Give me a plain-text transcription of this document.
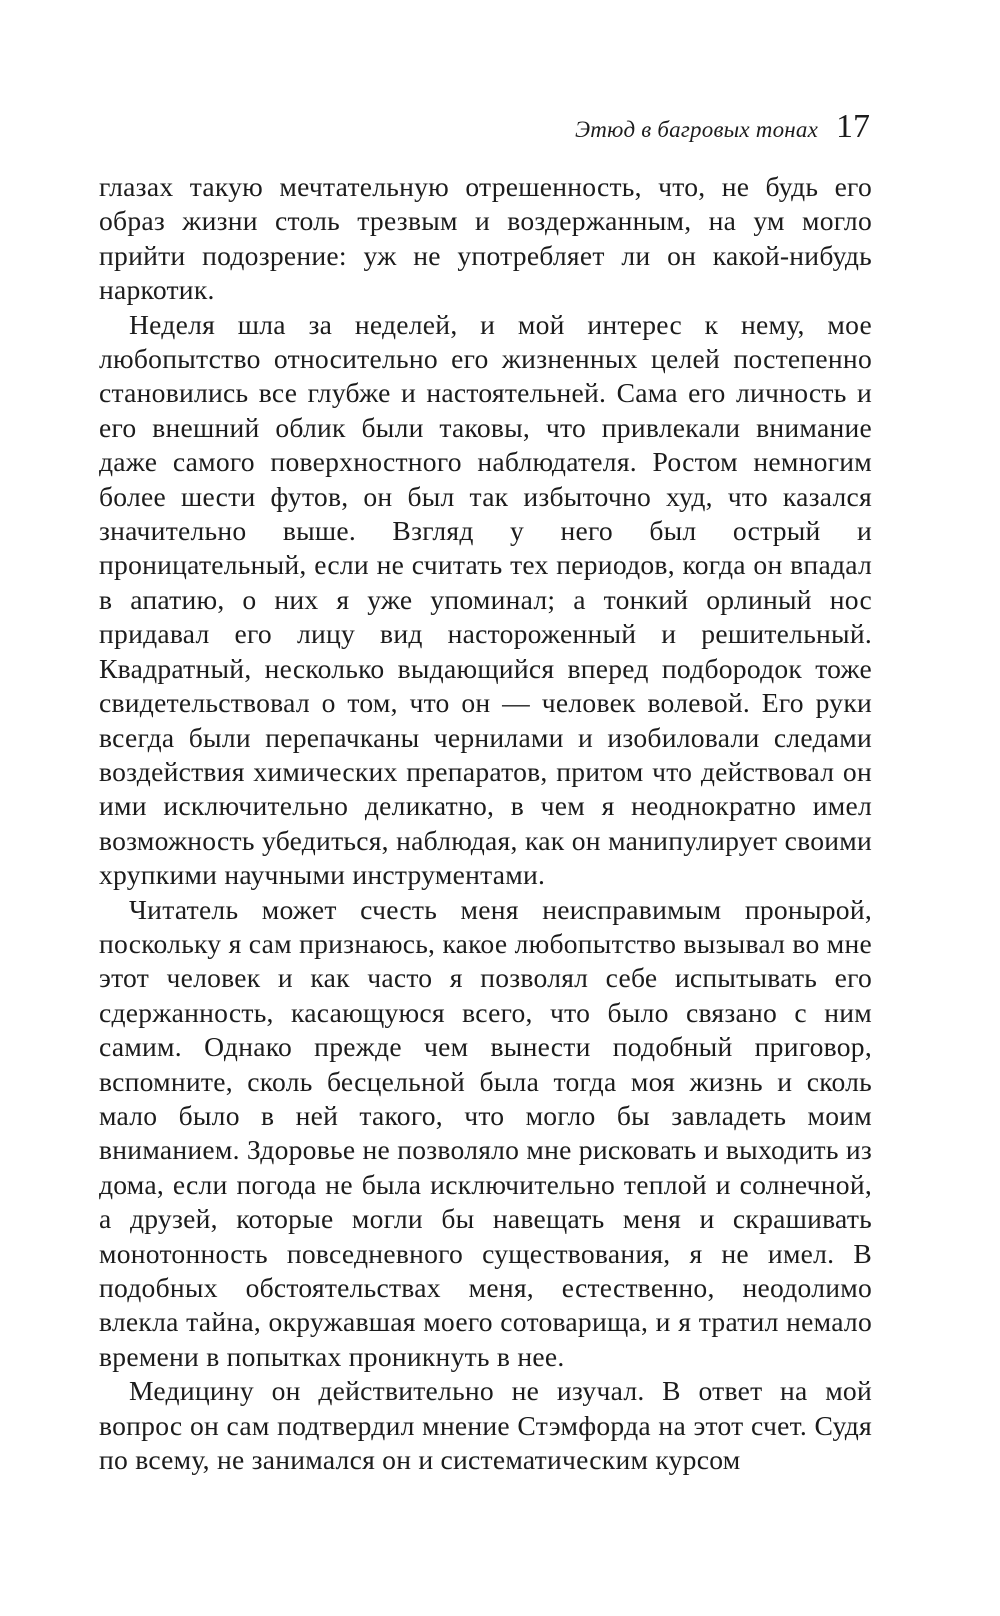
Этюд в багровых тонах 17

глазах такую мечтательную отрешенность, что, не будь его образ жизни столь трезвым и воздержанным, на ум могло прийти подозрение: уж не употребляет ли он какой-нибудь наркотик.

Неделя шла за неделей, и мой интерес к нему, мое любопытство относительно его жизненных целей постепенно становились все глубже и настоятельней. Сама его личность и его внешний облик были таковы, что привлекали внимание даже самого поверхностного наблюдателя. Ростом немногим более шести футов, он был так избыточно худ, что казался значительно выше. Взгляд у него был острый и проницательный, если не считать тех периодов, когда он впадал в апатию, о них я уже упоминал; а тонкий орлиный нос придавал его лицу вид настороженный и решительный. Квадратный, несколько выдающийся вперед подбородок тоже свидетельствовал о том, что он — человек волевой. Его руки всегда были перепачканы чернилами и изобиловали следами воздействия химических препаратов, притом что действовал он ими исключительно деликатно, в чем я неоднократно имел возможность убедиться, наблюдая, как он манипулирует своими хрупкими научными инструментами.

Читатель может счесть меня неисправимым пронырой, поскольку я сам признаюсь, какое любопытство вызывал во мне этот человек и как часто я позволял себе испытывать его сдержанность, касающуюся всего, что было связано с ним самим. Однако прежде чем вынести подобный приговор, вспомните, сколь бесцельной была тогда моя жизнь и сколь мало было в ней такого, что могло бы завладеть моим вниманием. Здоровье не позволяло мне рисковать и выходить из дома, если погода не была исключительно теплой и солнечной, а друзей, которые могли бы навещать меня и скрашивать монотонность повседневного существования, я не имел. В подобных обстоятельствах меня, естественно, неодолимо влекла тайна, окружавшая моего сотоварища, и я тратил немало времени в попытках проникнуть в нее.

Медицину он действительно не изучал. В ответ на мой вопрос он сам подтвердил мнение Стэмфорда на этот счет. Судя по всему, не занимался он и систематическим курсом
